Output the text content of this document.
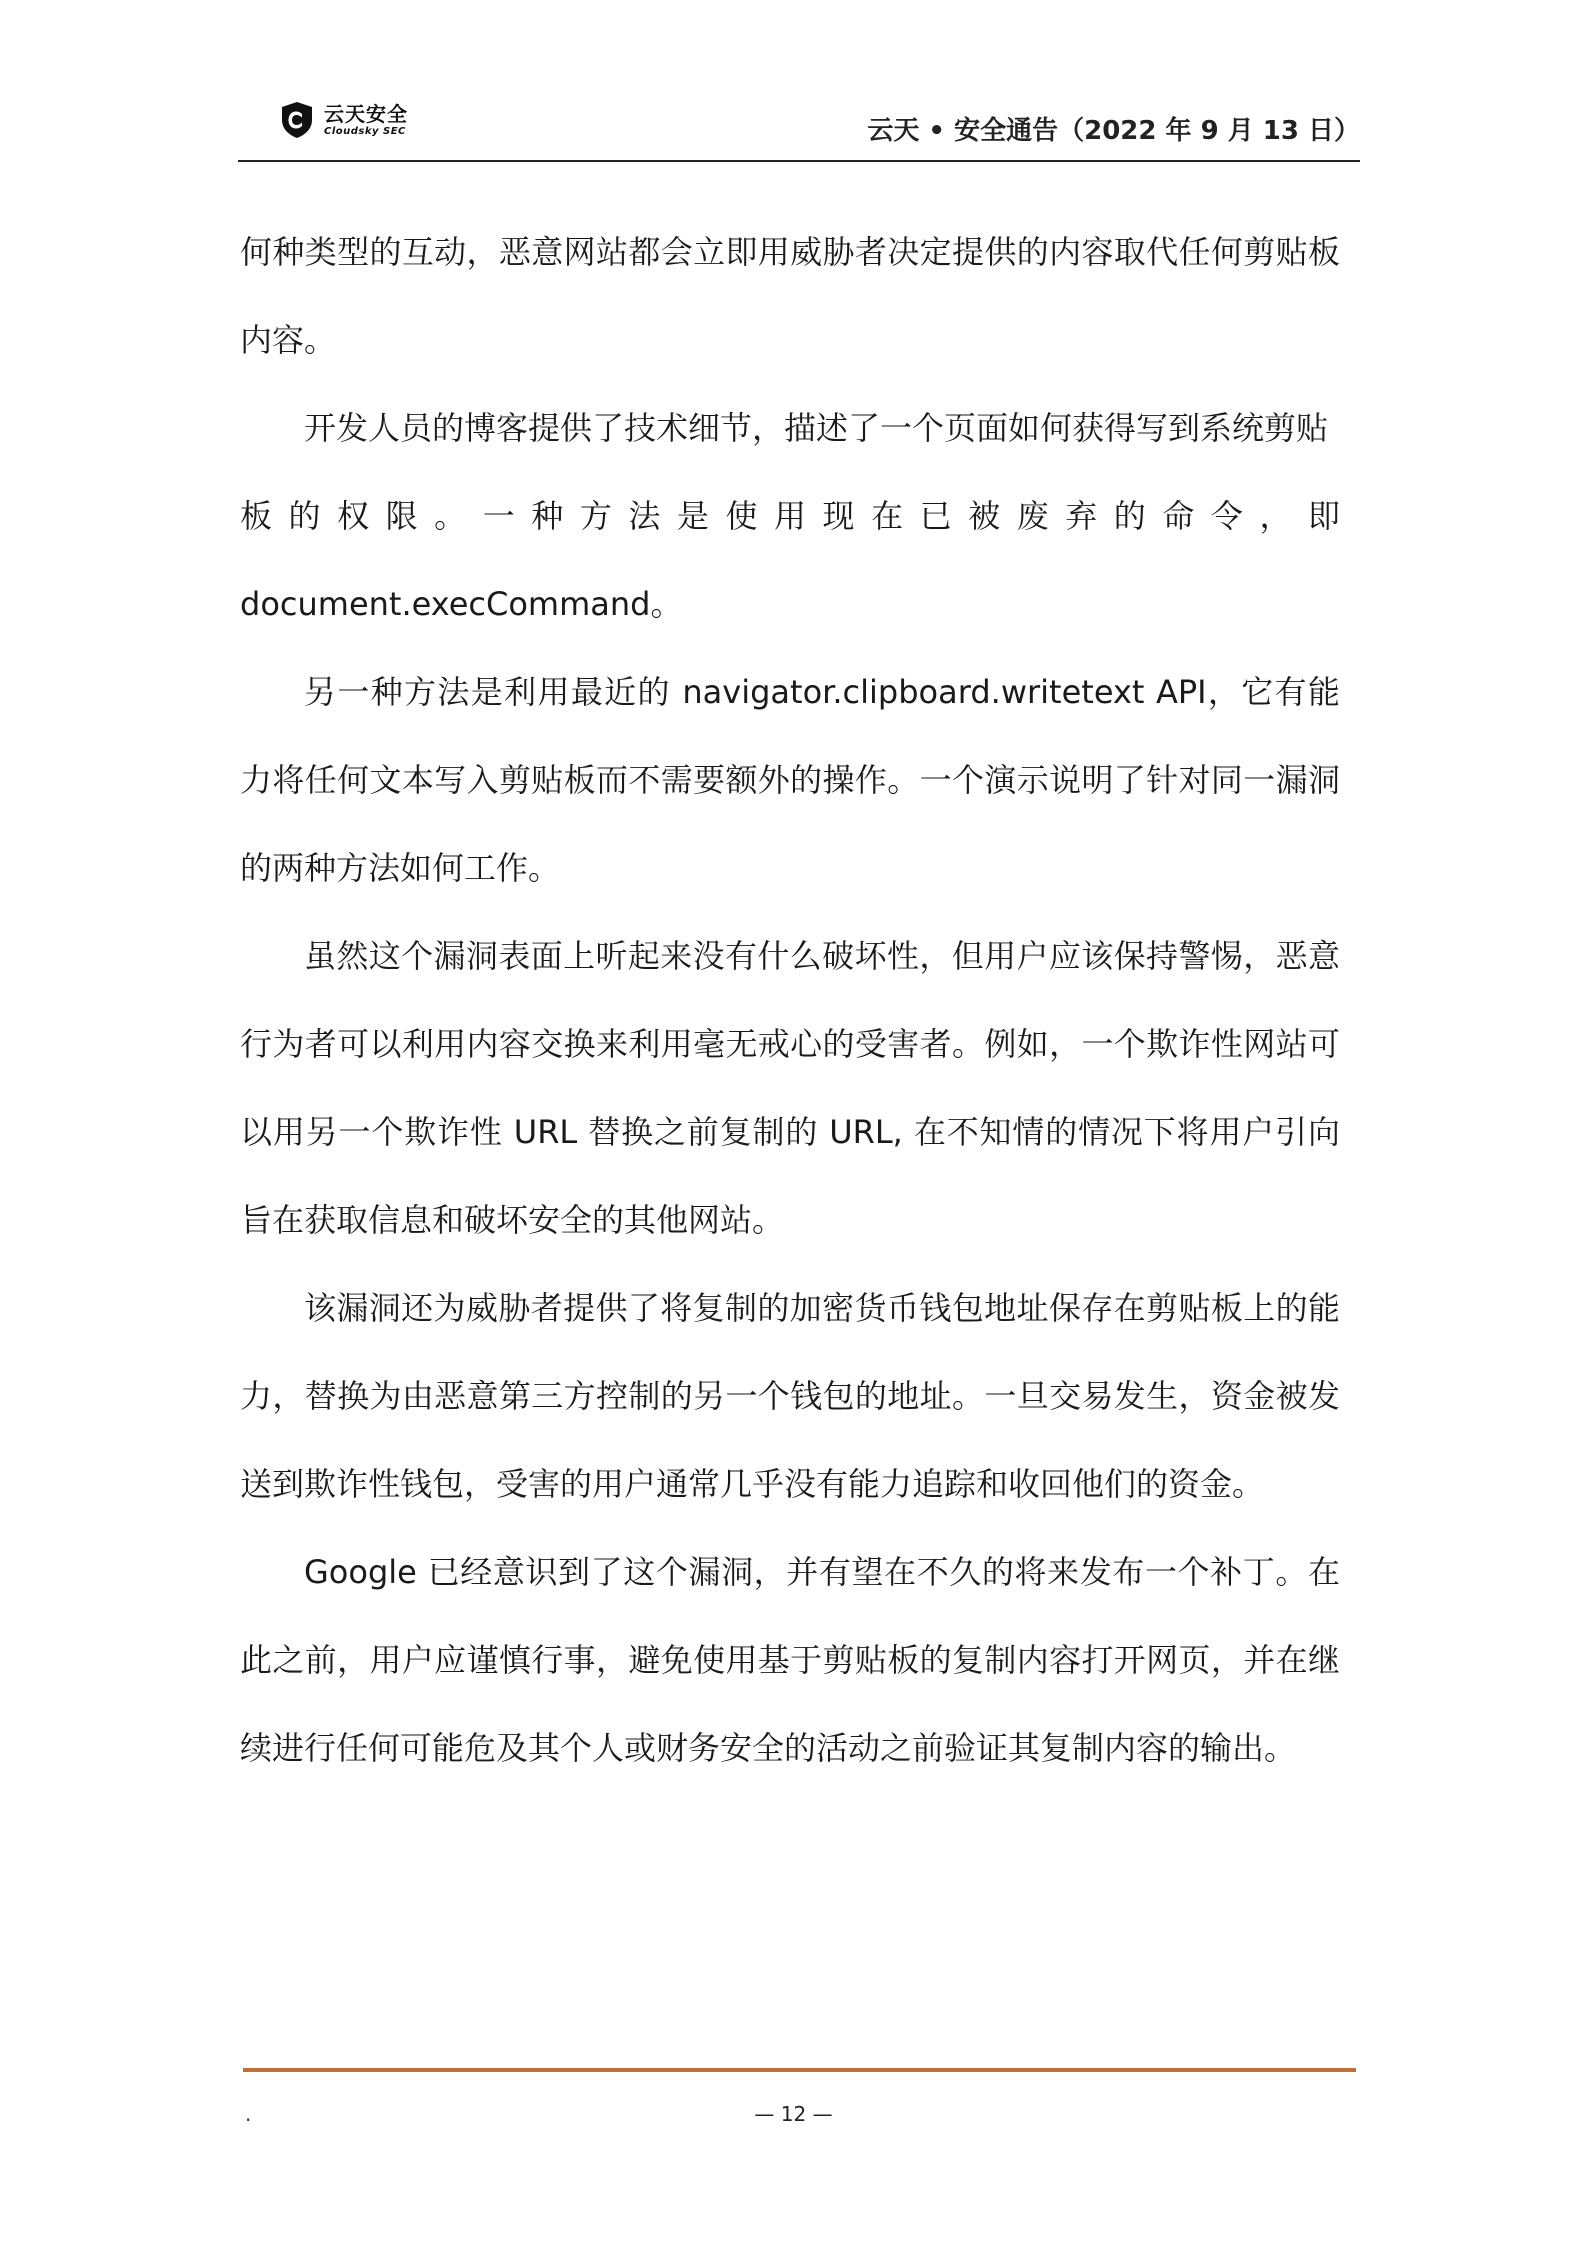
云天安全
Cloudsky SEC	云天 • 安全通告（2022 年 9 月 13 日）

何种类型的互动，恶意网站都会立即用威胁者决定提供的内容取代任何剪贴板内容。

开发人员的博客提供了技术细节，描述了一个页面如何获得写到系统剪贴

板 的 权 限 。 一 种 方 法 是 使 用 现 在 已 被 废 弃 的 命 令 ， 即

document.execCommand。

另一种方法是利用最近的 navigator.clipboard.writetext API，它有能力将任何文本写入剪贴板而不需要额外的操作。一个演示说明了针对同一漏洞的两种方法如何工作。

虽然这个漏洞表面上听起来没有什么破坏性，但用户应该保持警惕，恶意行为者可以利用内容交换来利用毫无戒心的受害者。例如，一个欺诈性网站可以用另一个欺诈性 URL 替换之前复制的 URL, 在不知情的情况下将用户引向旨在获取信息和破坏安全的其他网站。

该漏洞还为威胁者提供了将复制的加密货币钱包地址保存在剪贴板上的能力，替换为由恶意第三方控制的另一个钱包的地址。一旦交易发生，资金被发送到欺诈性钱包，受害的用户通常几乎没有能力追踪和收回他们的资金。

Google 已经意识到了这个漏洞，并有望在不久的将来发布一个补丁。在此之前，用户应谨慎行事，避免使用基于剪贴板的复制内容打开网页，并在继续进行任何可能危及其个人或财务安全的活动之前验证其复制内容的输出。

.	— 12 —
